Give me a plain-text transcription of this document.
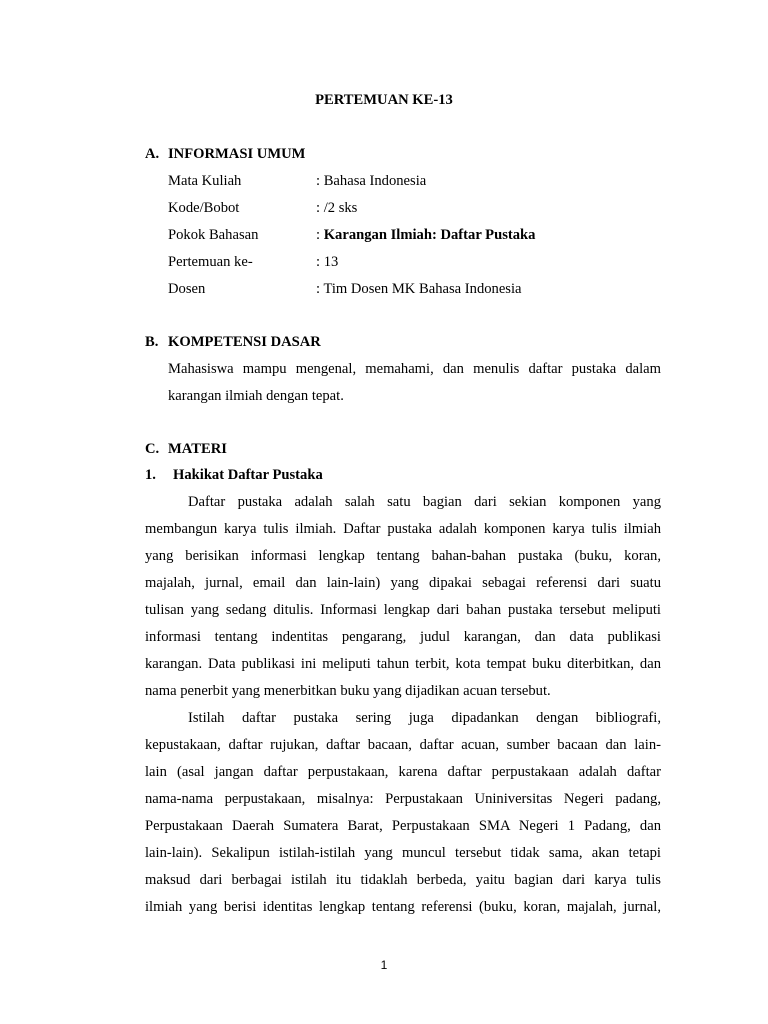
PERTEMUAN KE-13
A. INFORMASI UMUM
Mata Kuliah	: Bahasa Indonesia
Kode/Bobot	: /2 sks
Pokok Bahasan	: Karangan Ilmiah: Daftar Pustaka
Pertemuan ke-	: 13
Dosen	: Tim Dosen MK Bahasa Indonesia
B. KOMPETENSI DASAR
Mahasiswa mampu mengenal, memahami, dan menulis daftar pustaka dalam
karangan ilmiah dengan tepat.
C. MATERI
1. Hakikat Daftar Pustaka
Daftar pustaka adalah salah satu bagian dari sekian komponen yang
membangun karya tulis ilmiah. Daftar pustaka adalah komponen karya tulis ilmiah
yang berisikan informasi lengkap tentang bahan-bahan pustaka (buku, koran,
majalah, jurnal, email dan lain-lain) yang dipakai sebagai referensi dari suatu
tulisan yang sedang ditulis. Informasi lengkap dari bahan pustaka tersebut meliputi
informasi tentang indentitas pengarang, judul karangan, dan data publikasi
karangan. Data publikasi ini meliputi tahun terbit, kota tempat buku diterbitkan, dan
nama penerbit yang menerbitkan buku yang dijadikan acuan tersebut.
Istilah daftar pustaka sering juga dipadankan dengan bibliografi,
kepustakaan, daftar rujukan, daftar bacaan, daftar acuan, sumber bacaan dan lain-
lain (asal jangan daftar perpustakaan, karena daftar perpustakaan adalah daftar
nama-nama perpustakaan, misalnya: Perpustakaan Uniniversitas Negeri padang,
Perpustakaan Daerah Sumatera Barat, Perpustakaan SMA Negeri 1 Padang, dan
lain-lain). Sekalipun istilah-istilah yang muncul tersebut tidak sama, akan tetapi
maksud dari berbagai istilah itu tidaklah berbeda, yaitu bagian dari karya tulis
ilmiah yang berisi identitas lengkap tentang referensi (buku, koran, majalah, jurnal,
1
